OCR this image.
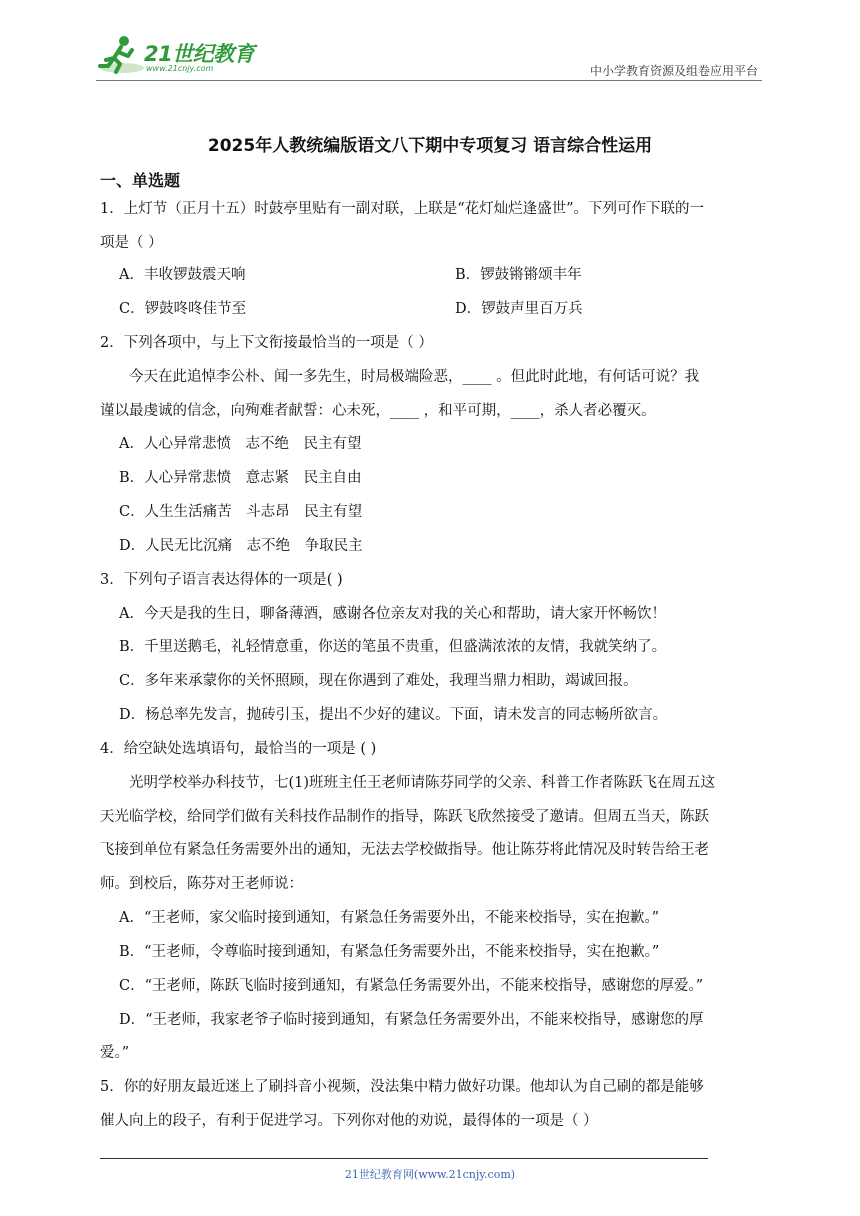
21世纪教育
www.21cnjy.com	中小学教育资源及组卷应用平台
2025年人教统编版语文八下期中专项复习 语言综合性运用
一、单选题
1．上灯节（正月十五）时鼓亭里贴有一副对联，上联是“花灯灿烂逢盛世”。下列可作下联的一
项是（ ）
A．丰收锣鼓震天响	B．锣鼓锵锵颂丰年
C．锣鼓咚咚佳节至	D．锣鼓声里百万兵
2．下列各项中，与上下文衔接最恰当的一项是（ ）
今天在此追悼李公朴、闻一多先生，时局极端险恶，____ 。但此时此地，有何话可说？我
谨以最虔诚的信念，向殉难者献誓：心未死，____ ，和平可期，____，杀人者必覆灭。
A．人心异常悲愤　志不绝　民主有望
B．人心异常悲愤　意志紧　民主自由
C．人生生活痛苦　斗志昂　民主有望
D．人民无比沉痛　志不绝　争取民主
3．下列句子语言表达得体的一项是( )
A．今天是我的生日，聊备薄酒，感谢各位亲友对我的关心和帮助，请大家开怀畅饮！
B．千里送鹅毛，礼轻情意重，你送的笔虽不贵重，但盛满浓浓的友情，我就笑纳了。
C．多年来承蒙你的关怀照顾，现在你遇到了难处，我理当鼎力相助，竭诚回报。
D．杨总率先发言，抛砖引玉，提出不少好的建议。下面，请未发言的同志畅所欲言。
4．给空缺处选填语句，最恰当的一项是 ( )
光明学校举办科技节，七(1)班班主任王老师请陈芬同学的父亲、科普工作者陈跃飞在周五这
天光临学校，给同学们做有关科技作品制作的指导，陈跃飞欣然接受了邀请。但周五当天，陈跃
飞接到单位有紧急任务需要外出的通知，无法去学校做指导。他让陈芬将此情况及时转告给王老
师。到校后，陈芬对王老师说：
A．“王老师，家父临时接到通知，有紧急任务需要外出，不能来校指导，实在抱歉。”
B．“王老师，令尊临时接到通知，有紧急任务需要外出，不能来校指导，实在抱歉。”
C．“王老师，陈跃飞临时接到通知，有紧急任务需要外出，不能来校指导，感谢您的厚爱。”
D．“王老师，我家老爷子临时接到通知，有紧急任务需要外出，不能来校指导，感谢您的厚
爱。”
5．你的好朋友最近迷上了刷抖音小视频，没法集中精力做好功课。他却认为自己刷的都是能够
催人向上的段子，有利于促进学习。下列你对他的劝说，最得体的一项是（ ）
21世纪教育网(www.21cnjy.com)
